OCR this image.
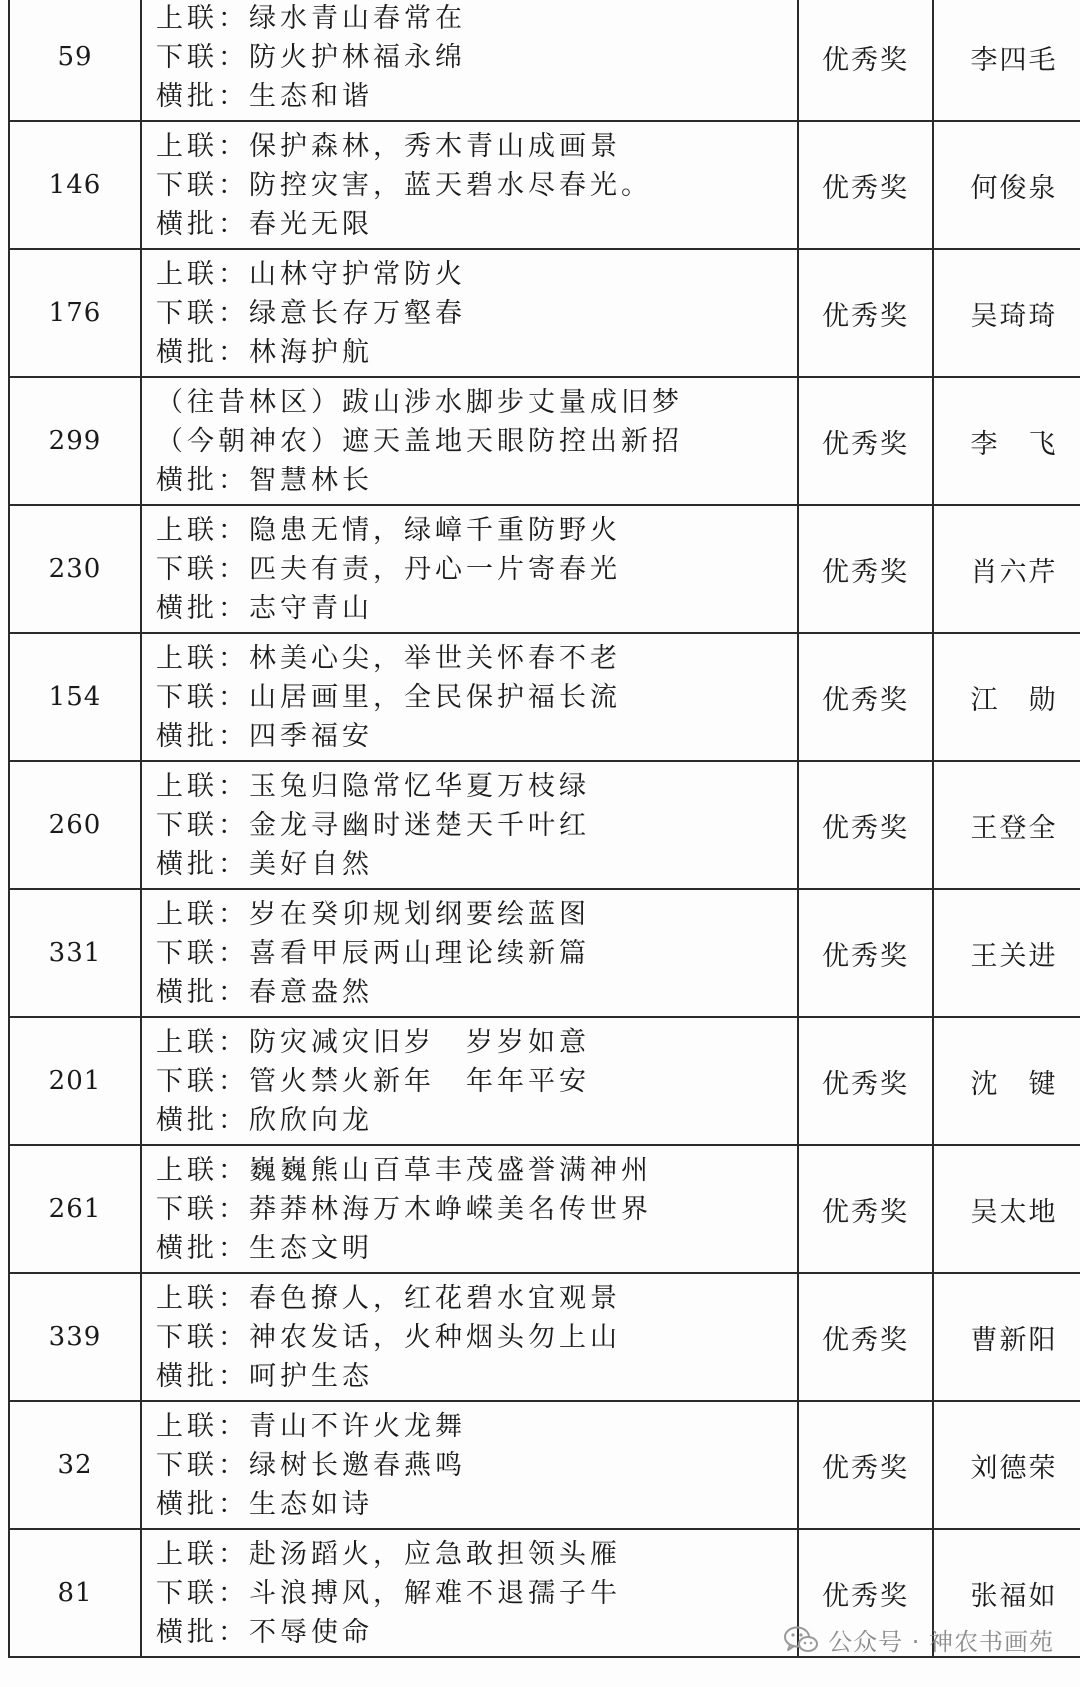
59	上联：绿水青山春常在
下联：防火护林福永绵
横批：生态和谐	优秀奖	李四毛
146	上联：保护森林，秀木青山成画景
下联：防控灾害，蓝天碧水尽春光。
横批：春光无限	优秀奖	何俊泉
176	上联：山林守护常防火
下联：绿意长存万壑春
横批：林海护航	优秀奖	吴琦琦
299	（往昔林区）跋山涉水脚步丈量成旧梦
（今朝神农）遮天盖地天眼防控出新招
横批：智慧林长	优秀奖	李　飞
230	上联：隐患无情，绿嶂千重防野火
下联：匹夫有责，丹心一片寄春光
横批：志守青山	优秀奖	肖六芹
154	上联：林美心尖，举世关怀春不老
下联：山居画里，全民保护福长流
横批：四季福安	优秀奖	江　勋
260	上联：玉兔归隐常忆华夏万枝绿
下联：金龙寻幽时迷楚天千叶红
横批：美好自然	优秀奖	王登全
331	上联：岁在癸卯规划纲要绘蓝图
下联：喜看甲辰两山理论续新篇
横批：春意盎然	优秀奖	王关进
201	上联：防灾减灾旧岁　岁岁如意
下联：管火禁火新年　年年平安
横批：欣欣向龙	优秀奖	沈　键
261	上联：巍巍熊山百草丰茂盛誉满神州
下联：莽莽林海万木峥嵘美名传世界
横批：生态文明	优秀奖	吴太地
339	上联：春色撩人，红花碧水宜观景
下联：神农发话，火种烟头勿上山
横批：呵护生态	优秀奖	曹新阳
32	上联：青山不许火龙舞
下联：绿树长邀春燕鸣
横批：生态如诗	优秀奖	刘德荣
81	上联：赴汤蹈火，应急敢担领头雁
下联：斗浪搏风，解难不退孺子牛
横批：不辱使命	优秀奖	张福如
公众号 · 神农书画苑
